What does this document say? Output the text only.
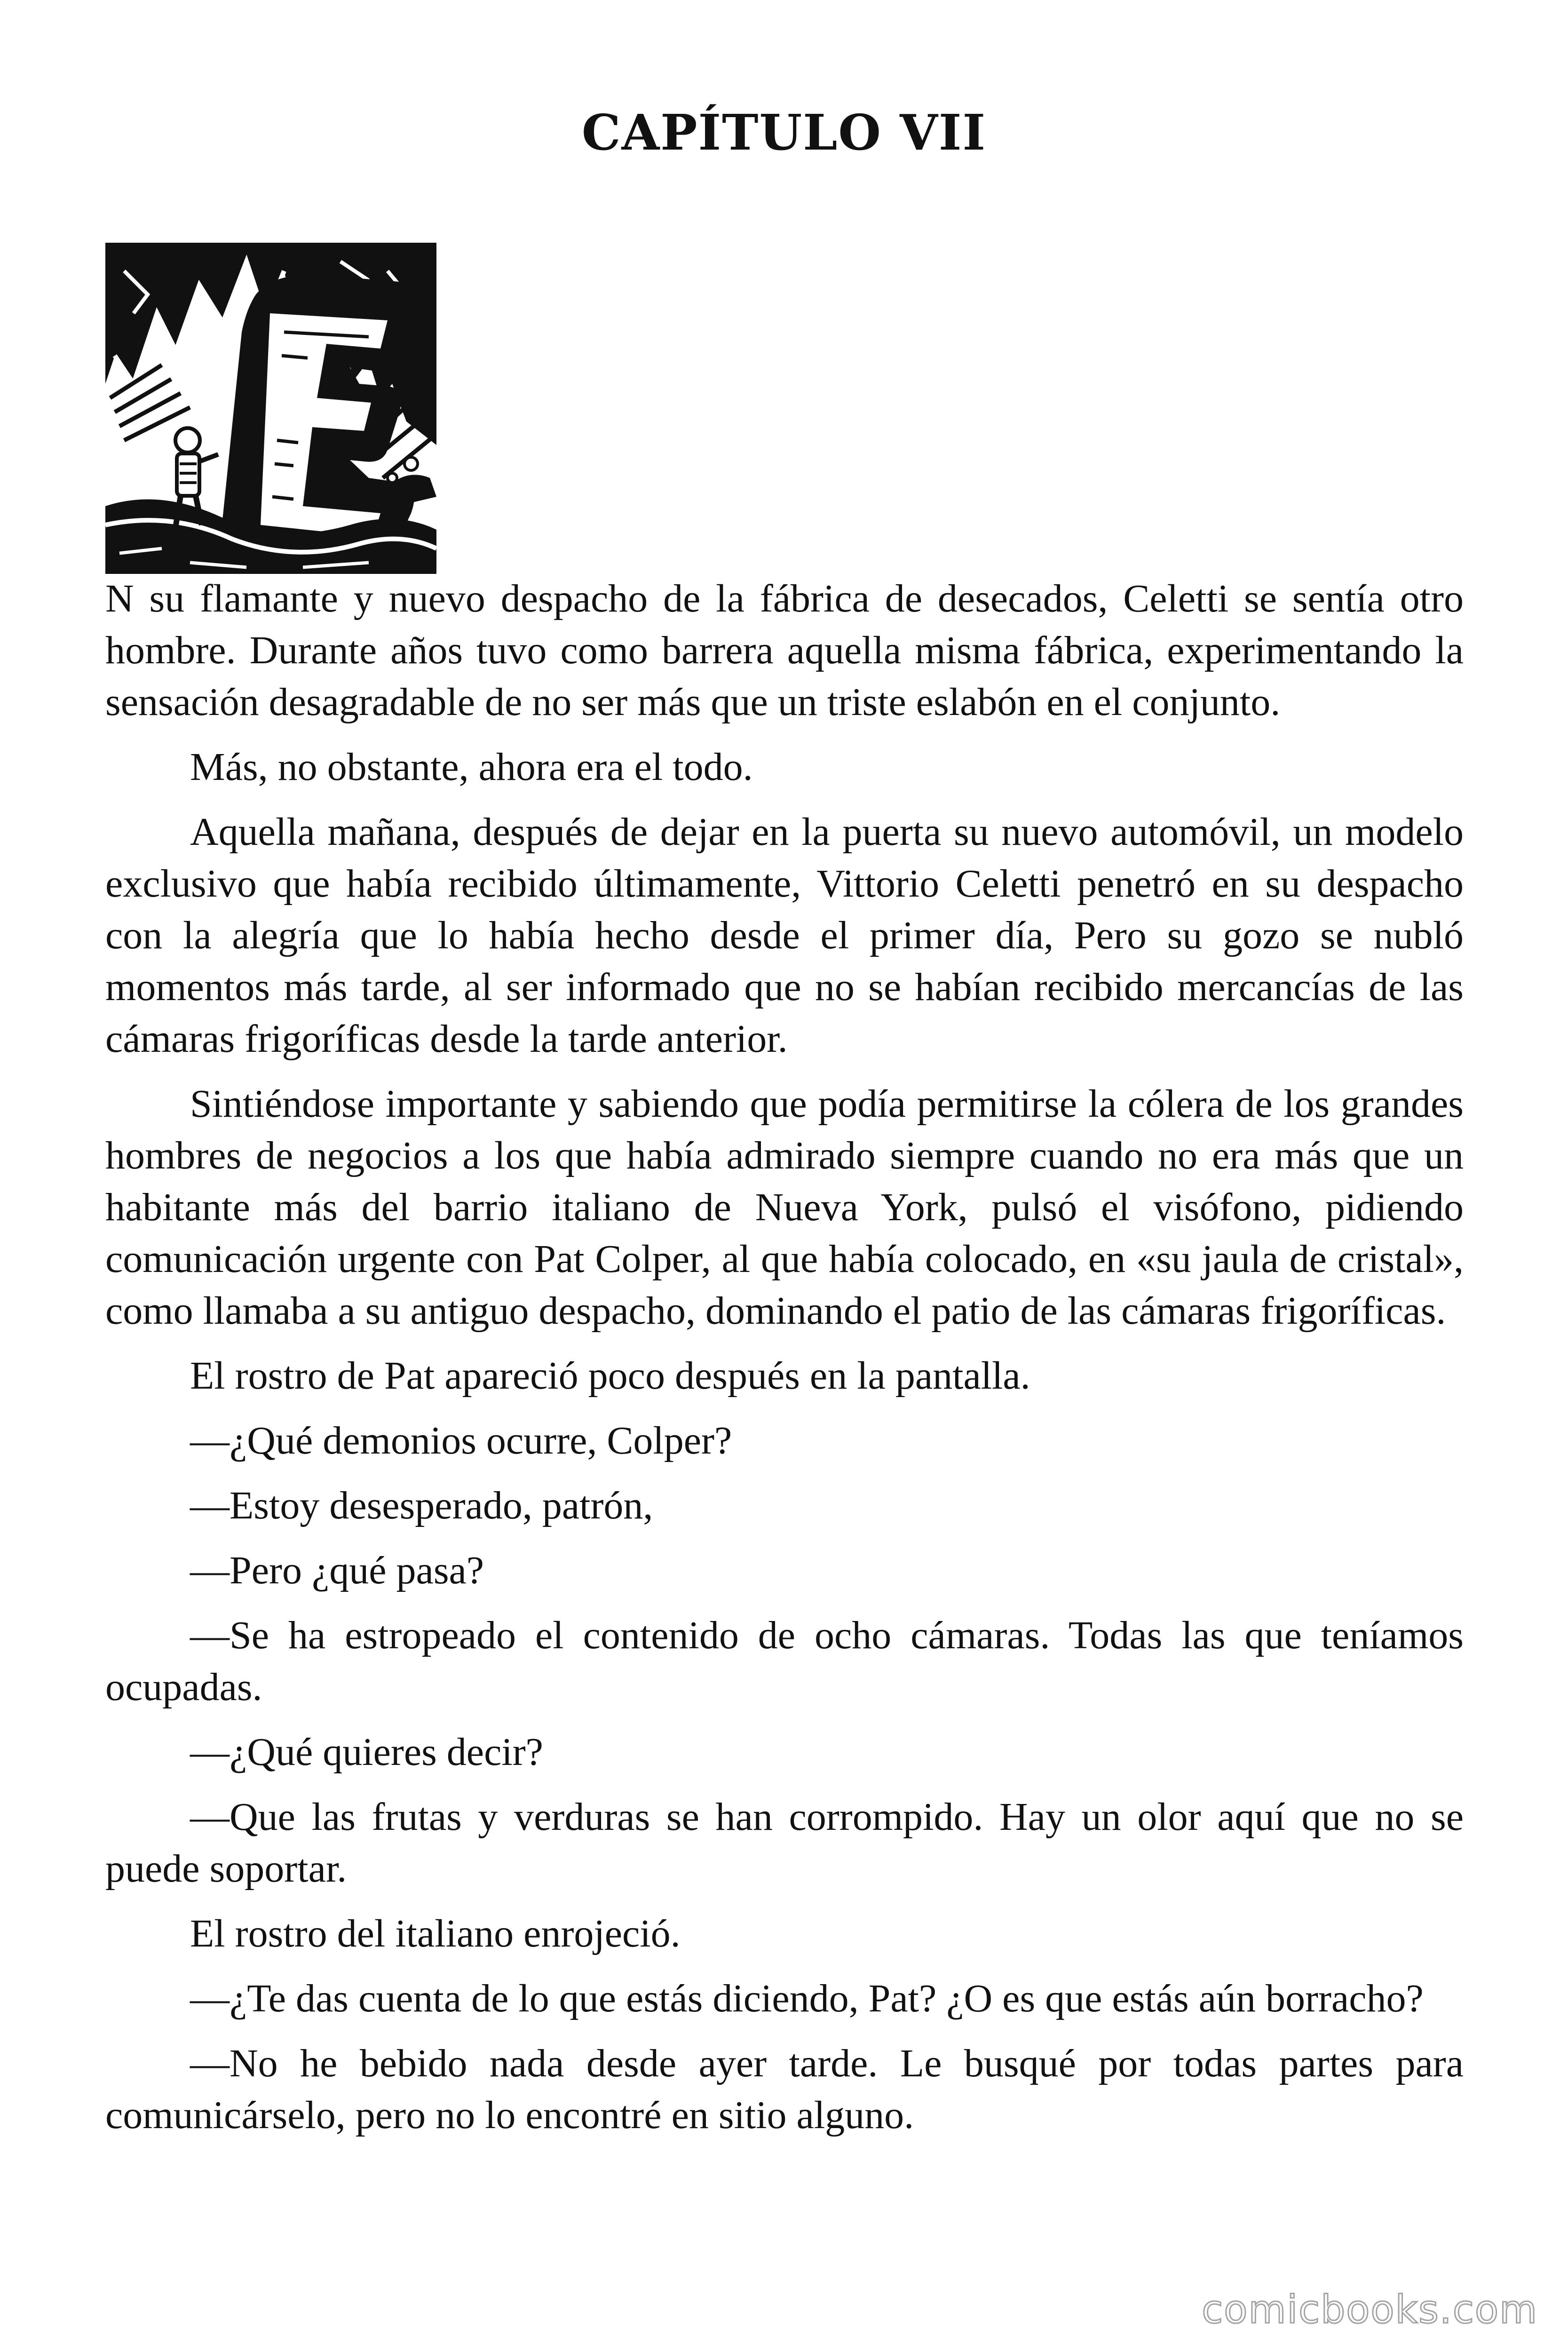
CAPÍTULO VII

N su flamante y nuevo despacho de la fábrica de desecados, Celetti se sentía otro hombre. Durante años tuvo como barrera aquella misma fábrica, experimentando la sensación desagradable de no ser más que un triste eslabón en el conjunto.

Más, no obstante, ahora era el todo.

Aquella mañana, después de dejar en la puerta su nuevo automóvil, un modelo exclusivo que había recibido últimamente, Vittorio Celetti penetró en su despacho con la alegría que lo había hecho desde el primer día, Pero su gozo se nubló momentos más tarde, al ser informado que no se habían recibido mercancías de las cámaras frigoríficas desde la tarde anterior.

Sintiéndose importante y sabiendo que podía permitirse la cólera de los grandes hombres de negocios a los que había admirado siempre cuando no era más que un habitante más del barrio italiano de Nueva York, pulsó el visófono, pidiendo comunicación urgente con Pat Colper, al que había colocado, en «su jaula de cristal», como llamaba a su antiguo despacho, dominando el patio de las cámaras frigoríficas.

El rostro de Pat apareció poco después en la pantalla.

—¿Qué demonios ocurre, Colper?

—Estoy desesperado, patrón,

—Pero ¿qué pasa?

—Se ha estropeado el contenido de ocho cámaras. Todas las que teníamos ocupadas.

—¿Qué quieres decir?

—Que las frutas y verduras se han corrompido. Hay un olor aquí que no se puede soportar.

El rostro del italiano enrojeció.

—¿Te das cuenta de lo que estás diciendo, Pat? ¿O es que estás aún borracho?

—No he bebido nada desde ayer tarde. Le busqué por todas partes para comunicárselo, pero no lo encontré en sitio alguno.

comicbooks.com
